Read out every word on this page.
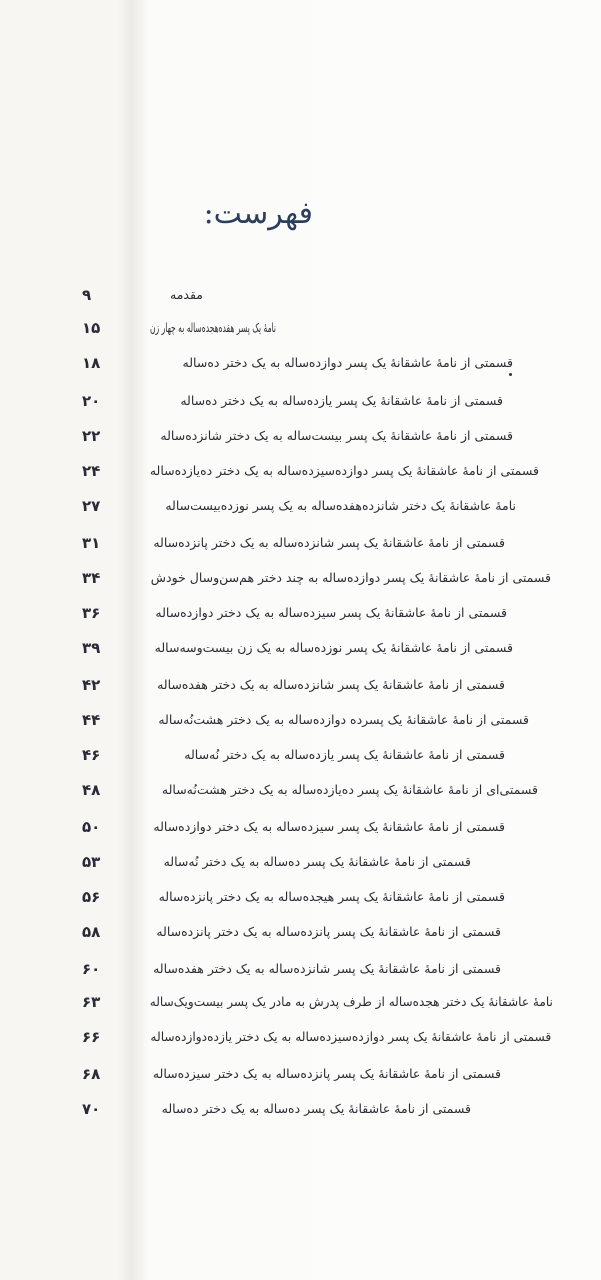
فهرست:
مقدمه
۹
نامهٔ یک پسر هفده‌هجده‌ساله به چهار زن
۱۵
قسمتی از نامهٔ عاشقانهٔ یک پسر دوازده‌ساله به یک دختر ده‌ساله
۱۸
قسمتی از نامهٔ عاشقانهٔ یک پسر یازده‌ساله به یک دختر ده‌ساله
۲۰
قسمتی از نامهٔ عاشقانهٔ یک پسر بیست‌ساله به یک دختر شانزده‌ساله
۲۲
قسمتی از نامهٔ عاشقانهٔ یک پسر دوازده‌سیزده‌ساله به یک دختر ده‌یازده‌ساله
۲۴
نامهٔ عاشقانهٔ یک دختر شانزده‌هفده‌ساله به یک پسر نوزده‌بیست‌ساله
۲۷
قسمتی از نامهٔ عاشقانهٔ یک پسر شانزده‌ساله به یک دختر پانزده‌ساله
۳۱
قسمتی از نامهٔ عاشقانهٔ یک پسر دوازده‌ساله به چند دختر هم‌سن‌وسال خودش
۳۴
قسمتی از نامهٔ عاشقانهٔ یک پسر سیزده‌ساله به یک دختر دوازده‌ساله
۳۶
قسمتی از نامهٔ عاشقانهٔ یک پسر نوزده‌ساله به یک زن بیست‌وسه‌ساله
۳۹
قسمتی از نامهٔ عاشقانهٔ یک پسر شانزده‌ساله به یک دختر هفده‌ساله
۴۲
قسمتی از نامهٔ عاشقانهٔ یک پسرده دوازده‌ساله به یک دختر هشت‌نُه‌ساله
۴۴
قسمتی از نامهٔ عاشقانهٔ یک پسر یازده‌ساله به یک دختر نُه‌ساله
۴۶
قسمتی‌ای از نامهٔ عاشقانهٔ یک پسر ده‌یازده‌ساله به یک دختر هشت‌نُه‌ساله
۴۸
قسمتی از نامهٔ عاشقانهٔ یک پسر سیزده‌ساله به یک دختر دوازده‌ساله
۵۰
قسمتی از نامهٔ عاشقانهٔ یک پسر ده‌ساله به یک دختر نُه‌ساله
۵۳
قسمتی از نامهٔ عاشقانهٔ یک پسر هیجده‌ساله به یک دختر پانزده‌ساله
۵۶
قسمتی از نامهٔ عاشقانهٔ یک پسر پانزده‌ساله به یک دختر پانزده‌ساله
۵۸
قسمتی از نامهٔ عاشقانهٔ یک پسر شانزده‌ساله به یک دختر هفده‌ساله
۶۰
نامهٔ عاشقانهٔ یک دختر هجده‌ساله از طرف پدرش به مادر یک پسر بیست‌ویک‌ساله
۶۳
قسمتی از نامهٔ عاشقانهٔ یک پسر دوازده‌سیزده‌ساله به یک دختر یازده‌دوازده‌ساله
۶۶
قسمتی از نامهٔ عاشقانهٔ یک پسر پانزده‌ساله به یک دختر سیزده‌ساله
۶۸
قسمتی از نامهٔ عاشقانهٔ یک پسر ده‌ساله به یک دختر ده‌ساله
۷۰
